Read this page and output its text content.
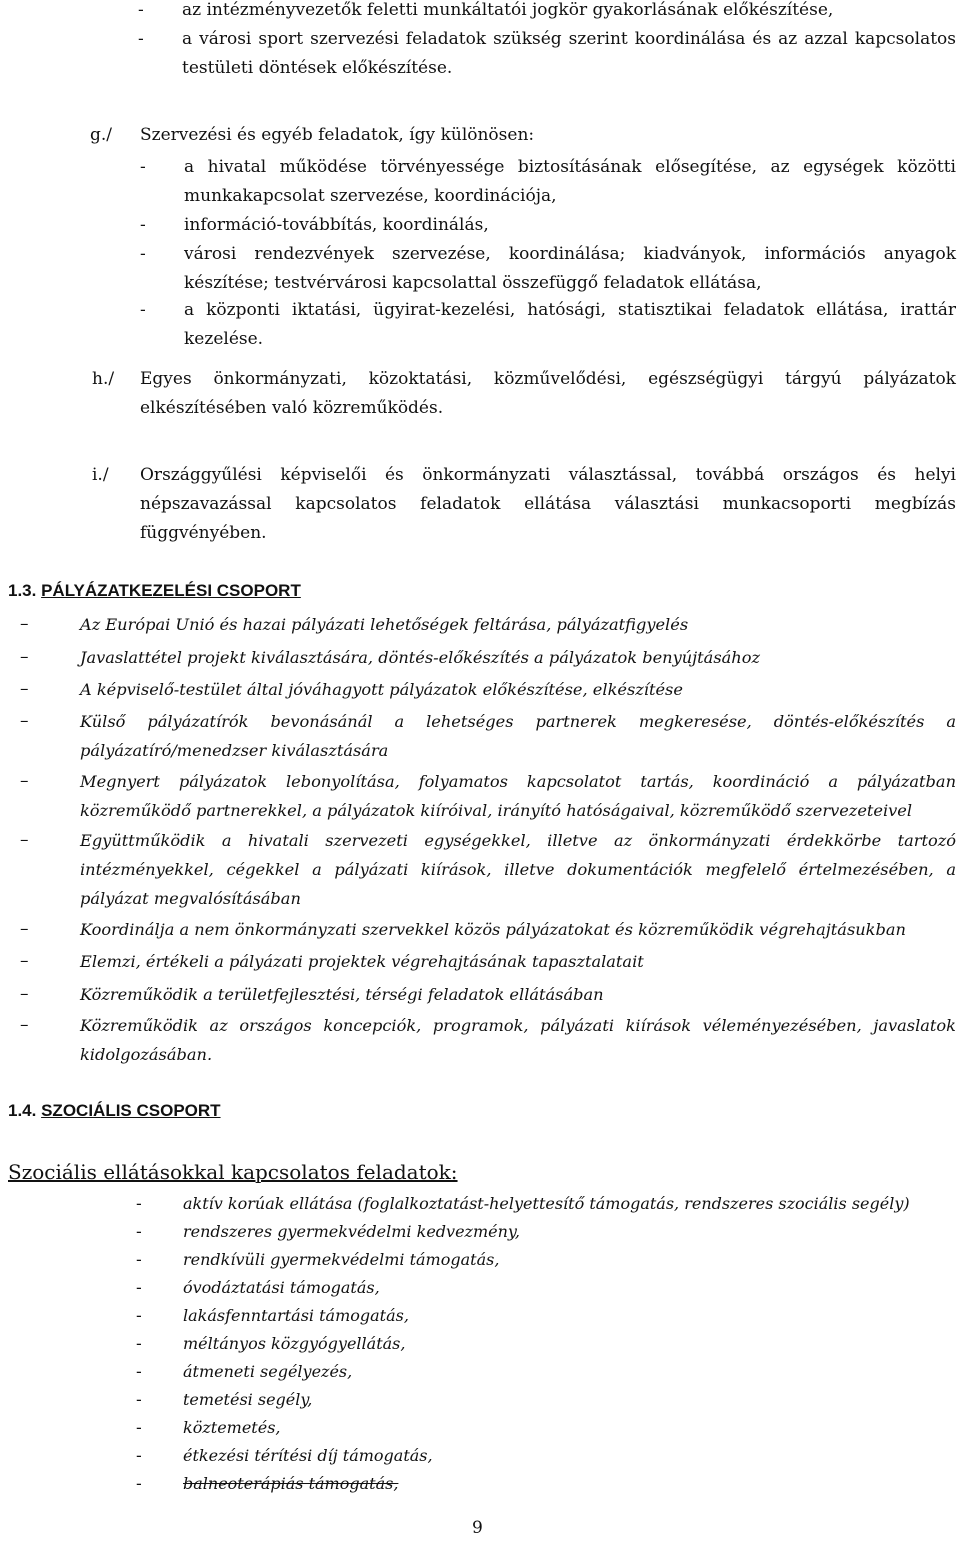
- az intézményvezetők feletti munkáltatói jogkör gyakorlásának előkészítése,
- a városi sport szervezési feladatok szükség szerint koordinálása és az azzal kapcsolatos testületi döntések előkészítése.
g./ Szervezési és egyéb feladatok, így különösen:
- a hivatal működése törvényessége biztosításának elősegítése, az egységek közötti munkakapcsolat szervezése, koordinációja,
- információ-továbbítás, koordinálás,
- városi rendezvények szervezése, koordinálása; kiadványok, információs anyagok készítése; testvérvárosi kapcsolattal összefüggő feladatok ellátása,
- a központi iktatási, ügyirat-kezelési, hatósági, statisztikai feladatok ellátása, irattár kezelése.
h./ Egyes önkormányzati, közoktatási, közművelődési, egészségügyi tárgyú pályázatok elkészítésében való közreműködés.
i./ Országgyűlési képviselői és önkormányzati választással, továbbá országos és helyi népszavazással kapcsolatos feladatok ellátása választási munkacsoporti megbízás függvényében.
1.3. PÁLYÁZATKEZELÉSI CSOPORT
–	Az Európai Unió és hazai pályázati lehetőségek feltárása, pályázatfigyelés
–	Javaslattétel projekt kiválasztására, döntés-előkészítés a pályázatok benyújtásához
–	A képviselő-testület által jóváhagyott pályázatok előkészítése, elkészítése
–	Külső pályázatírók bevonásánál a lehetséges partnerek megkeresése, döntés-előkészítés a pályázatíró/menedzser kiválasztására
–	Megnyert pályázatok lebonyolítása, folyamatos kapcsolatot tartás, koordináció a pályázatban közreműködő partnerekkel, a pályázatok kiíróival, irányító hatóságaival, közreműködő szervezeteivel
–	Együttműködik a hivatali szervezeti egységekkel, illetve az önkormányzati érdekkörbe tartozó intézményekkel, cégekkel a pályázati kiírások, illetve dokumentációk megfelelő értelmezésében, a pályázat megvalósításában
–	Koordinálja a nem önkormányzati szervekkel közös pályázatokat és közreműködik végrehajtásukban
–	Elemzi, értékeli a pályázati projektek végrehajtásának tapasztalatait
–	Közreműködik a területfejlesztési, térségi feladatok ellátásában
–	Közreműködik az országos koncepciók, programok, pályázati kiírások véleményezésében, javaslatok kidolgozásában.
1.4. SZOCIÁLIS CSOPORT
Szociális ellátásokkal kapcsolatos feladatok:
-	aktív korúak ellátása (foglalkoztatást-helyettesítő támogatás, rendszeres szociális segély)
-	rendszeres gyermekvédelmi kedvezmény,
-	rendkívüli gyermekvédelmi támogatás,
-	óvodáztatási támogatás,
-	lakásfenntartási támogatás,
-	méltányos közgyógyellátás,
-	átmeneti segélyezés,
-	temetési segély,
-	köztemetés,
-	étkezési térítési díj támogatás,
-	balneoterápiás támogatás,
9
